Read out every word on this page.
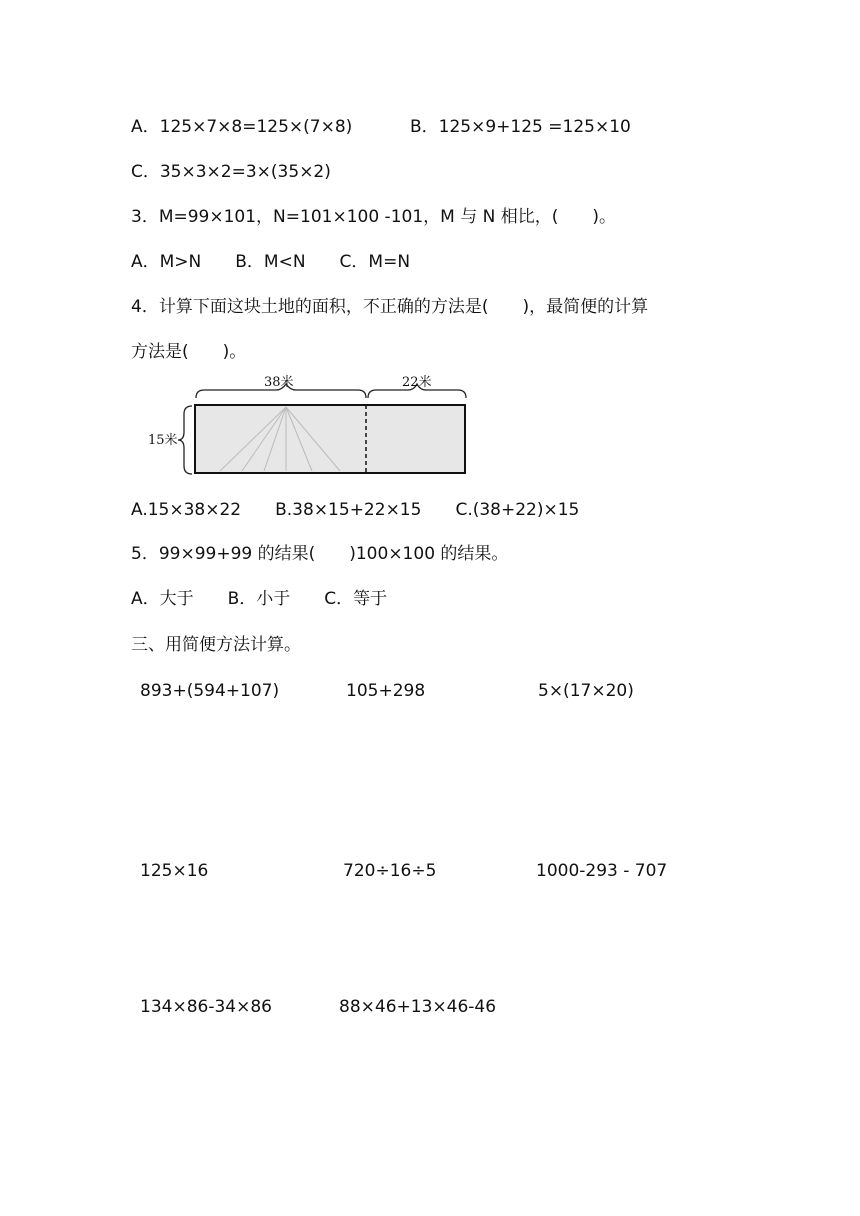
A．125×7×8=125×(7×8)	B．125×9+125 =125×10
C．35×3×2=3×(35×2)
3．M=99×101，N=101×100 -101，M 与 N 相比，(　　)。
A．M>N　　B．M<N　　C．M=N
4．计算下面这块土地的面积，不正确的方法是(　　)，最简便的计算
方法是(　　)。
38米	22米
15米
A.15×38×22　　B.38×15+22×15　　C.(38+22)×15
5．99×99+99 的结果(　　)100×100 的结果。
A．大于　　B．小于　　C．等于
三、用简便方法计算。
893+(594+107)	105+298	5×(17×20)
125×16	720÷16÷5	1000-293 - 707
134×86-34×86	88×46+13×46-46
